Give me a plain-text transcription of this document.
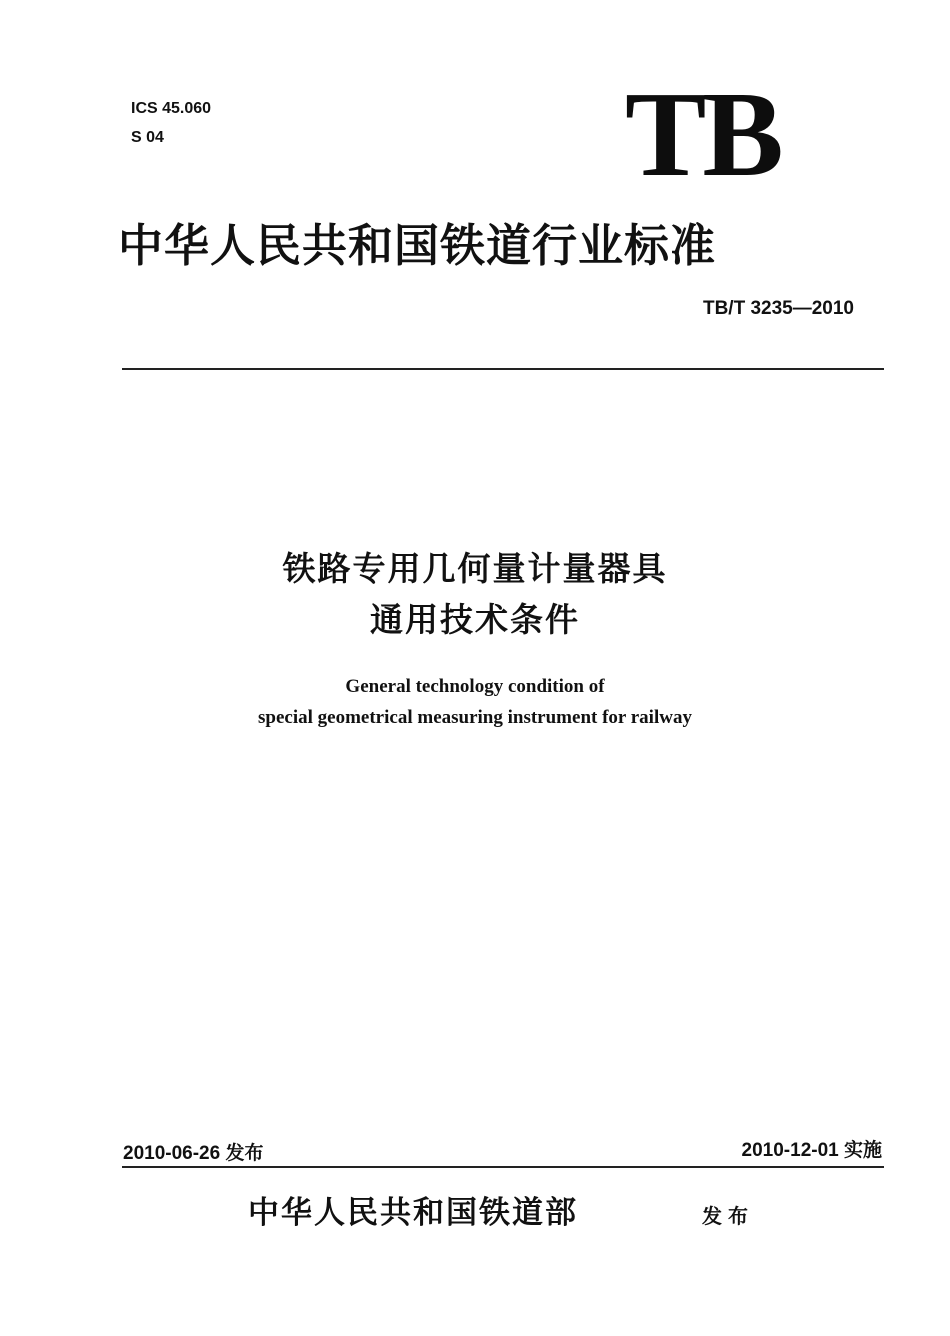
ICS 45.060
S 04	TB
中华人民共和国铁道行业标准
TB/T 3235—2010
铁路专用几何量计量器具
通用技术条件
General technology condition of
special geometrical measuring instrument for railway
2010-06-26 发布	2010-12-01 实施
中华人民共和国铁道部	发布
